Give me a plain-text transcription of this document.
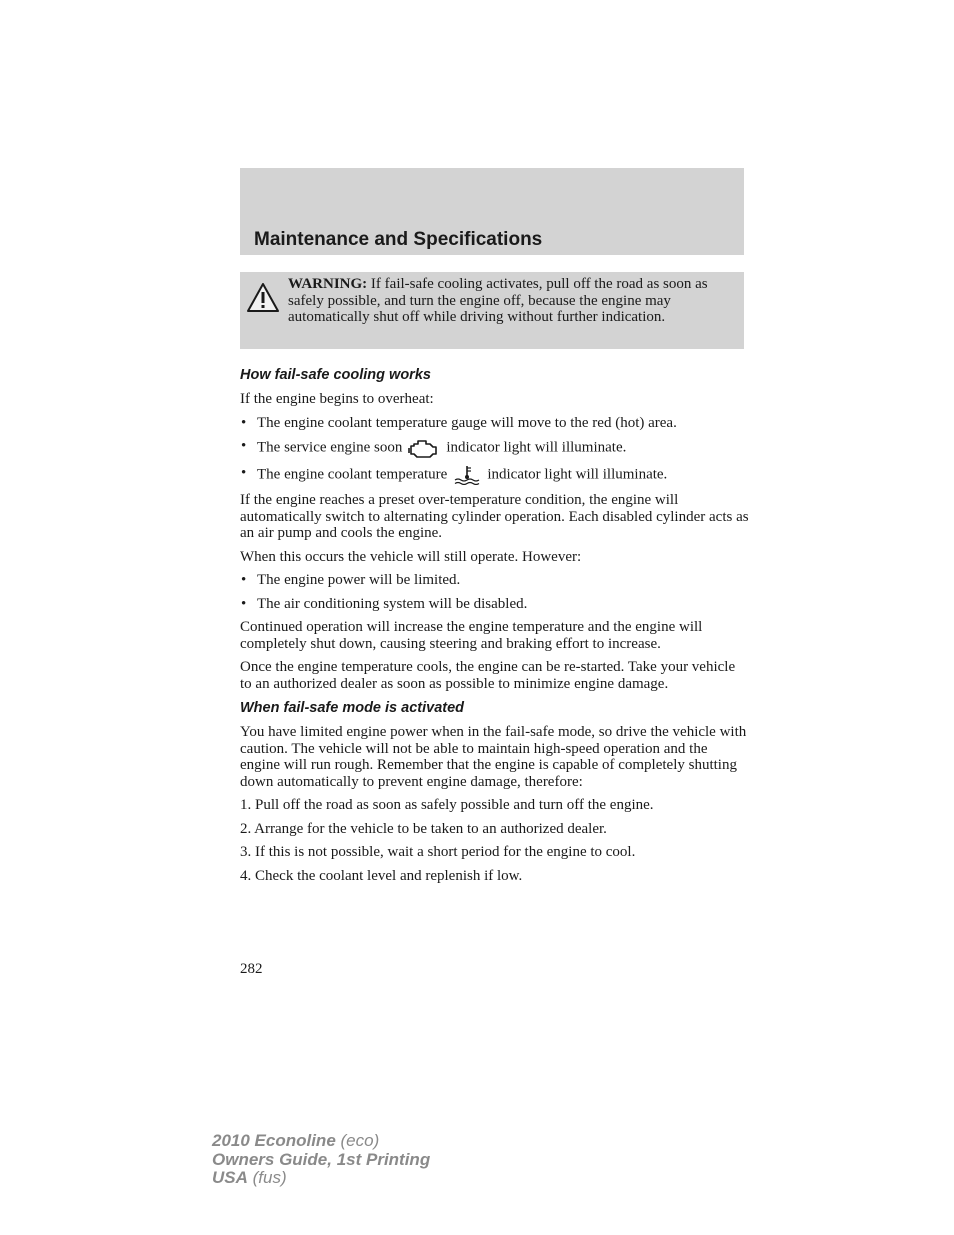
Maintenance and Specifications
WARNING: If fail-safe cooling activates, pull off the road as soon as safely possible, and turn the engine off, because the engine may automatically shut off while driving without further indication.
How fail-safe cooling works

If the engine begins to overheat:

• The engine coolant temperature gauge will move to the red (hot) area.
• The service engine soon	indicator light will illuminate.
• The engine coolant temperature	indicator light will illuminate.

If the engine reaches a preset over-temperature condition, the engine will automatically switch to alternating cylinder operation. Each disabled cylinder acts as an air pump and cools the engine.

When this occurs the vehicle will still operate. However:

• The engine power will be limited.
• The air conditioning system will be disabled.

Continued operation will increase the engine temperature and the engine will completely shut down, causing steering and braking effort to increase.

Once the engine temperature cools, the engine can be re-started. Take your vehicle to an authorized dealer as soon as possible to minimize engine damage.

When fail-safe mode is activated

You have limited engine power when in the fail-safe mode, so drive the vehicle with caution. The vehicle will not be able to maintain high-speed operation and the engine will run rough. Remember that the engine is capable of completely shutting down automatically to prevent engine damage, therefore:

1. Pull off the road as soon as safely possible and turn off the engine.

2. Arrange for the vehicle to be taken to an authorized dealer.

3. If this is not possible, wait a short period for the engine to cool.

4. Check the coolant level and replenish if low.

282
2010 Econoline (eco)
Owners Guide, 1st Printing
USA (fus)
